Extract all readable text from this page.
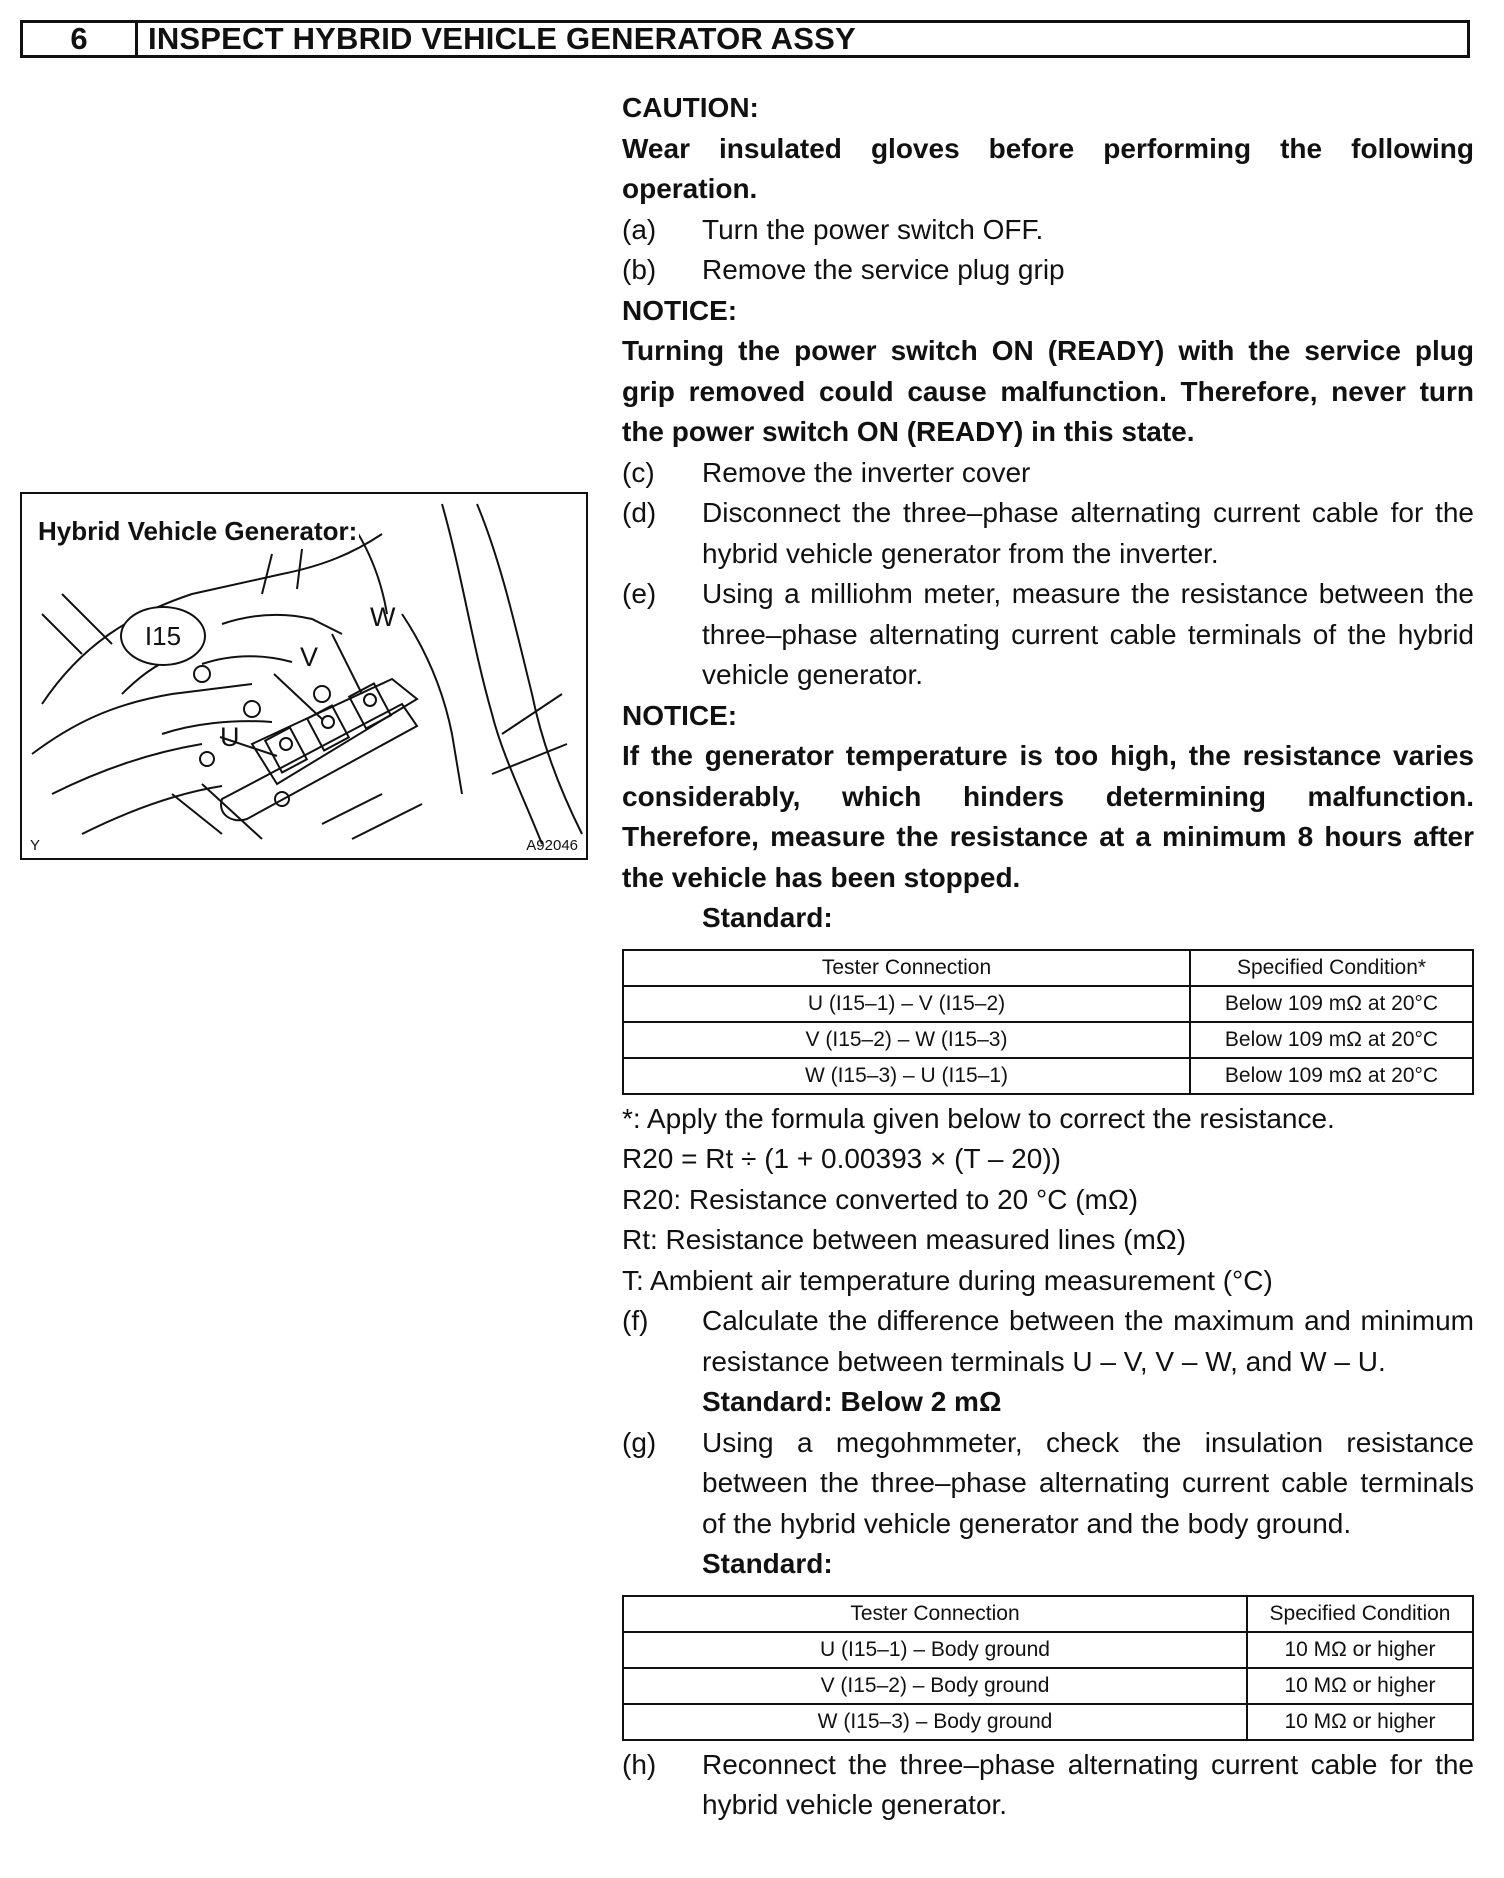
6	INSPECT HYBRID VEHICLE GENERATOR ASSY
Hybrid Vehicle Generator:
I15
U
V
W
Y	A92046
CAUTION:
Wear insulated gloves before performing the following operation.
(a)	Turn the power switch OFF.
(b)	Remove the service plug grip
NOTICE:
Turning the power switch ON (READY) with the service plug grip removed could cause malfunction. Therefore, never turn the power switch ON (READY) in this state.
(c)	Remove the inverter cover
(d)	Disconnect the three–phase alternating current cable for the hybrid vehicle generator from the inverter.
(e)	Using a milliohm meter, measure the resistance between the three–phase alternating current cable terminals of the hybrid vehicle generator.
NOTICE:
If the generator temperature is too high, the resistance varies considerably, which hinders determining malfunction. Therefore, measure the resistance at a minimum 8 hours after the vehicle has been stopped.
Standard:
Tester Connection	Specified Condition*
U (I15–1) – V (I15–2)	Below 109 mΩ at 20°C
V (I15–2) – W (I15–3)	Below 109 mΩ at 20°C
W (I15–3) – U (I15–1)	Below 109 mΩ at 20°C
*: Apply the formula given below to correct the resistance.
R20 = Rt ÷ (1 + 0.00393 × (T – 20))
R20: Resistance converted to 20 °C (mΩ)
Rt: Resistance between measured lines (mΩ)
T: Ambient air temperature during measurement (°C)
(f)	Calculate the difference between the maximum and minimum resistance between terminals U – V, V – W, and W – U.
Standard: Below 2 mΩ
(g)	Using a megohmmeter, check the insulation resistance between the three–phase alternating current cable terminals of the hybrid vehicle generator and the body ground.
Standard:
Tester Connection	Specified Condition
U (I15–1) – Body ground	10 MΩ or higher
V (I15–2) – Body ground	10 MΩ or higher
W (I15–3) – Body ground	10 MΩ or higher
(h)	Reconnect the three–phase alternating current cable for the hybrid vehicle generator.
